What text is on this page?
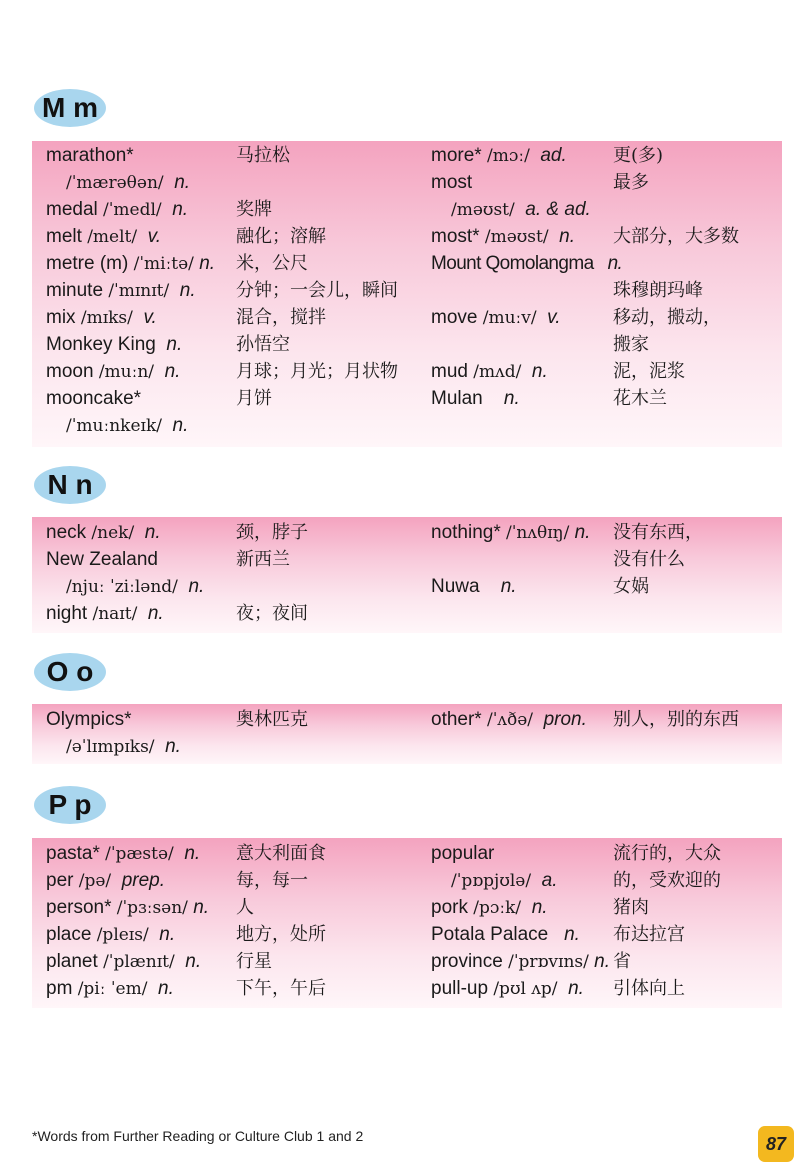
M m
marathon*
/ˈmærəθən/ n.
medal /ˈmedl/ n.
melt /melt/ v.
metre (m) /ˈmiːtə/ n.
minute /ˈmɪnɪt/ n.
mix /mɪks/ v.
Monkey King n.
moon /muːn/ n.
mooncake*
/ˈmuːnkeɪk/ n.
马拉松
奖牌
融化；溶解
米，公尺
分钟；一会儿，瞬间
混合，搅拌
孙悟空
月球；月光；月状物
月饼
more* /mɔː/ ad.
most
/məʊst/ a. & ad.
most* /məʊst/ n.
Mount Qomolangma n.
move /muːv/ v.
mud /mʌd/ n.
Mulan n.
更(多)
最多
大部分，大多数
珠穆朗玛峰
移动，搬动，
搬家
泥，泥浆
花木兰
N n
neck /nek/ n.
New Zealand
/njuː ˈziːlənd/ n.
night /naɪt/ n.
颈，脖子
新西兰
夜；夜间
nothing* /ˈnʌθɪŋ/ n.
Nuwa n.
没有东西，
没有什么
女娲
O o
Olympics*
/əˈlɪmpɪks/ n.
奥林匹克	other* /ˈʌðə/ pron. 别人，别的东西
P p
pasta* /ˈpæstə/ n.
per /pə/ prep.
person* /ˈpɜːsən/ n.
place /pleɪs/ n.
planet /ˈplænɪt/ n.
pm /piː ˈem/ n.
意大利面食
每，每一
人
地方，处所
行星
下午，午后
popular
/ˈpɒpjʊlə/ a.
pork /pɔːk/ n.
Potala Palace n.
province /ˈprɒvɪns/ n.
pull-up /pʊl ʌp/ n.
流行的，大众
的，受欢迎的
猪肉
布达拉宫
省
引体向上
*Words from Further Reading or Culture Club 1 and 2	87
